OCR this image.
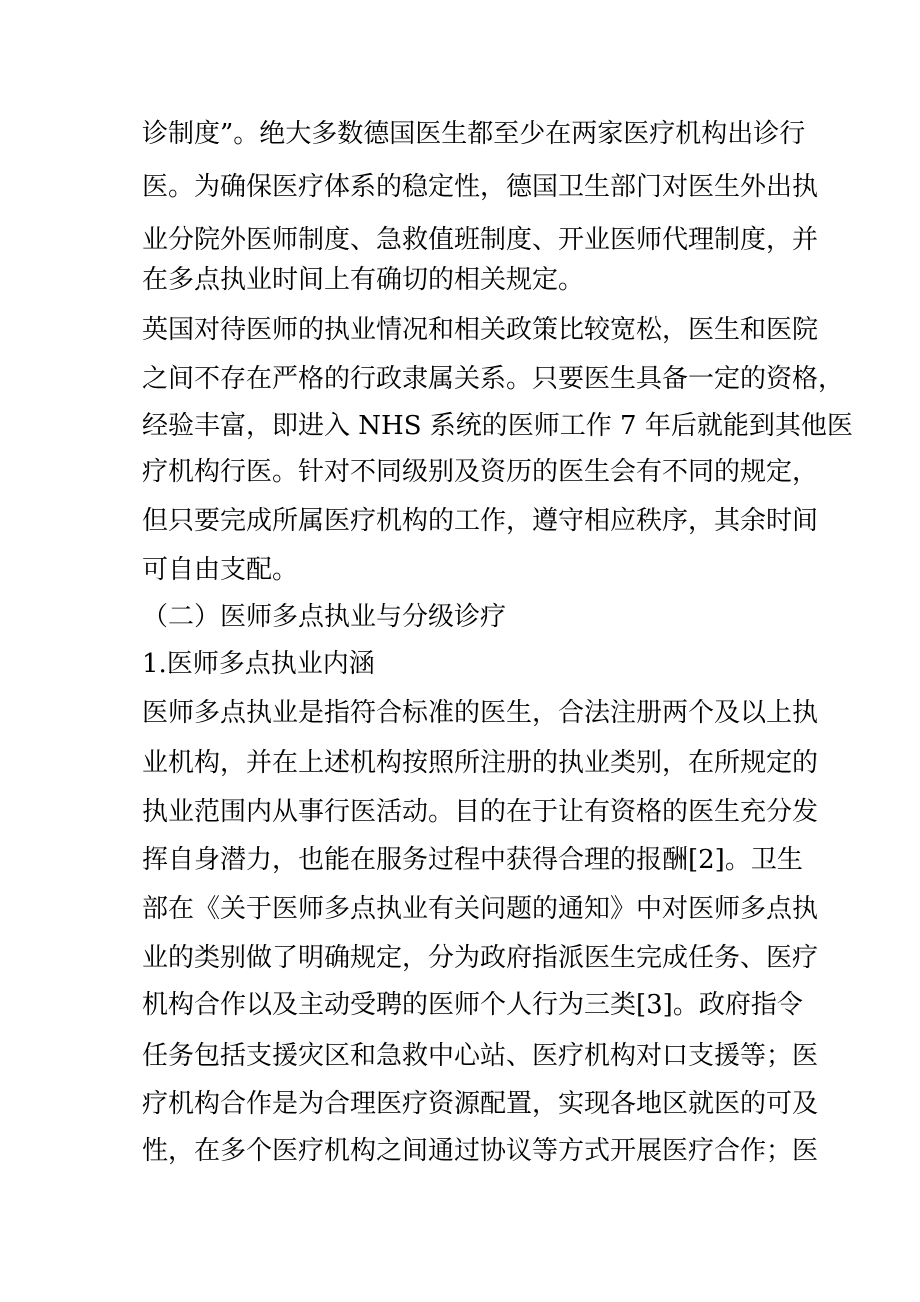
诊制度”。绝大多数德国医生都至少在两家医疗机构出诊行
医。为确保医疗体系的稳定性，德国卫生部门对医生外出执
业分院外医师制度、急救值班制度、开业医师代理制度，并
在多点执业时间上有确切的相关规定。
英国对待医师的执业情况和相关政策比较宽松，医生和医院
之间不存在严格的行政隶属关系。只要医生具备一定的资格，
经验丰富，即进入 NHS 系统的医师工作 7 年后就能到其他医
疗机构行医。针对不同级别及资历的医生会有不同的规定，
但只要完成所属医疗机构的工作，遵守相应秩序，其余时间
可自由支配。
（二）医师多点执业与分级诊疗
1.医师多点执业内涵
医师多点执业是指符合标准的医生，合法注册两个及以上执
业机构，并在上述机构按照所注册的执业类别，在所规定的
执业范围内从事行医活动。目的在于让有资格的医生充分发
挥自身潜力，也能在服务过程中获得合理的报酬[2]。卫生
部在《关于医师多点执业有关问题的通知》中对医师多点执
业的类别做了明确规定，分为政府指派医生完成任务、医疗
机构合作以及主动受聘的医师个人行为三类[3]。政府指令
任务包括支援灾区和急救中心站、医疗机构对口支援等；医
疗机构合作是为合理医疗资源配置，实现各地区就医的可及
性，在多个医疗机构之间通过协议等方式开展医疗合作；医
